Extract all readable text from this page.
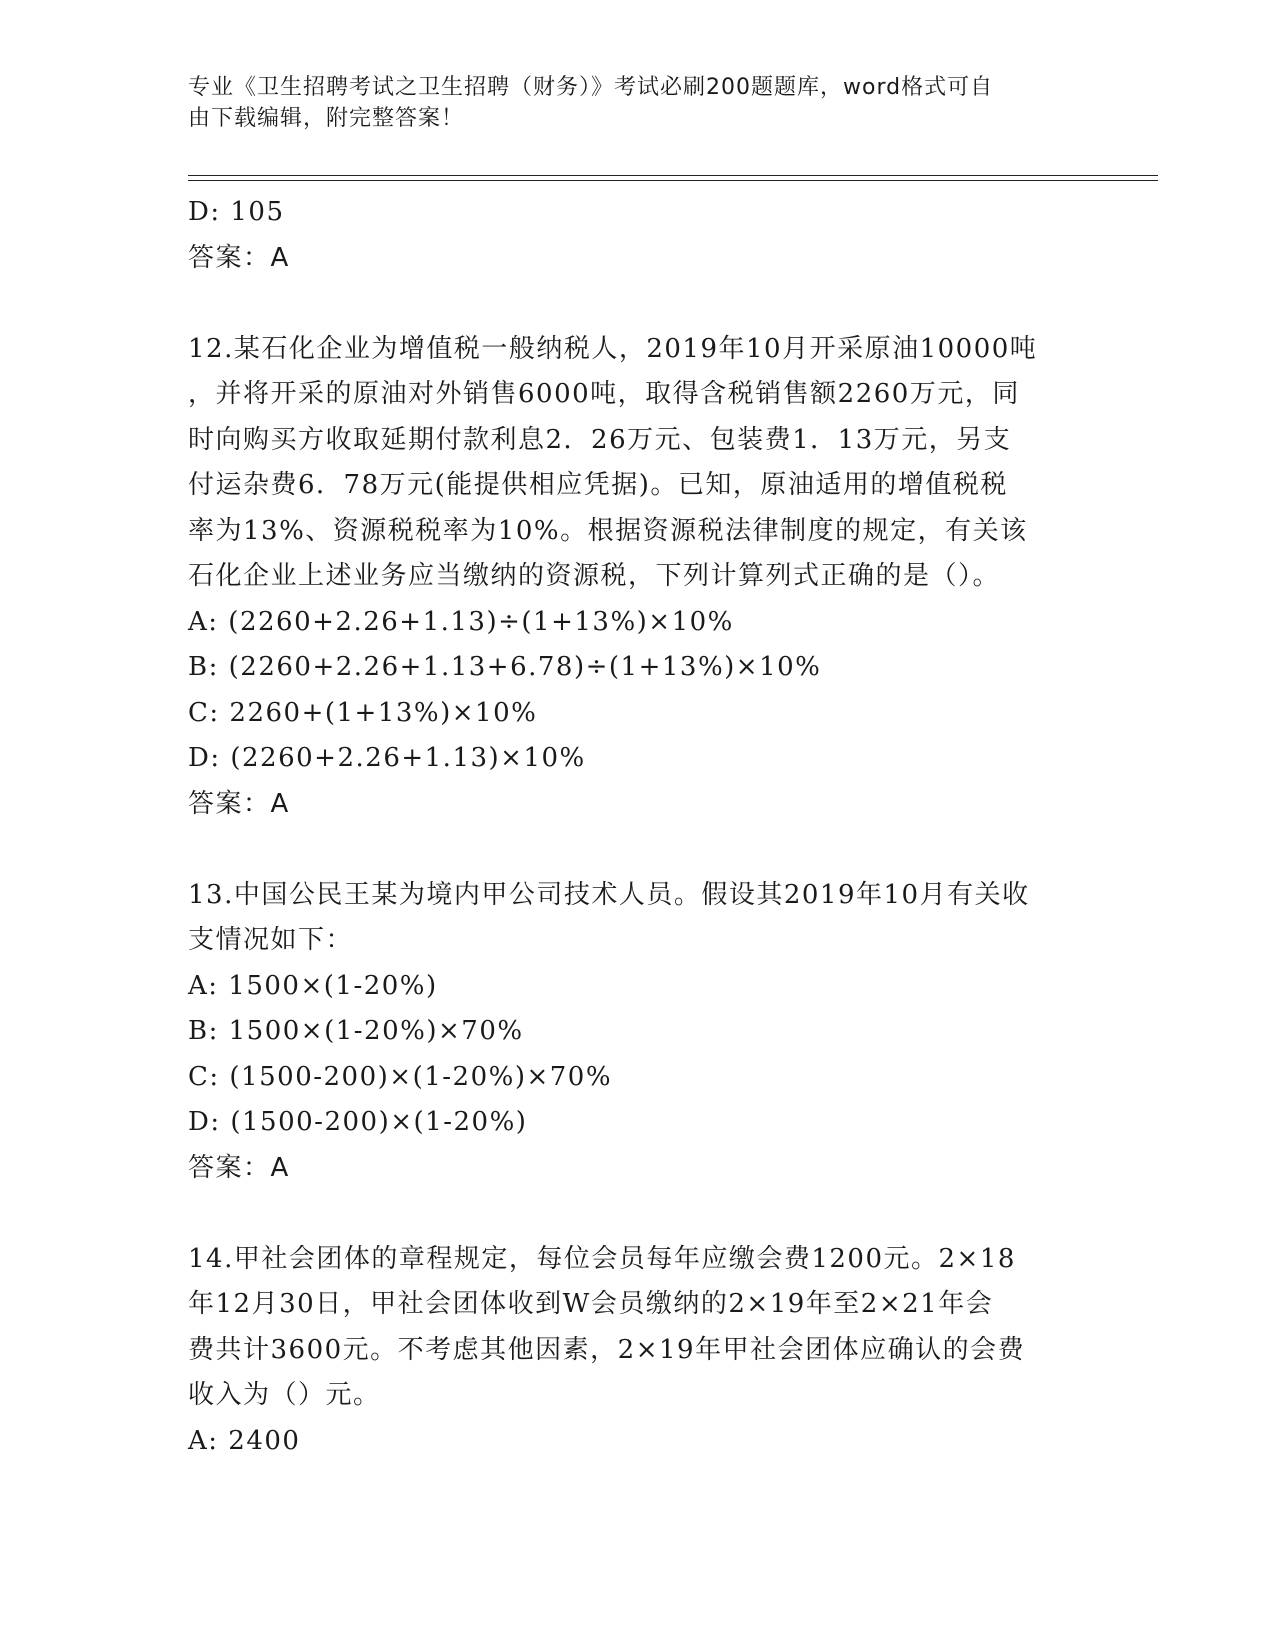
专业《卫生招聘考试之卫生招聘（财务）》考试必刷200题题库，word格式可自
由下载编辑，附完整答案！
D: 105
答案：A
12.某石化企业为增值税一般纳税人，2019年10月开采原油10000吨
，并将开采的原油对外销售6000吨，取得含税销售额2260万元，同
时向购买方收取延期付款利息2．26万元、包装费1．13万元，另支
付运杂费6．78万元(能提供相应凭据)。已知，原油适用的增值税税
率为13%、资源税税率为10%。根据资源税法律制度的规定，有关该
石化企业上述业务应当缴纳的资源税，下列计算列式正确的是（）。
A: (2260+2.26+1.13)÷(1+13%)×10%
B: (2260+2.26+1.13+6.78)÷(1+13%)×10%
C: 2260+(1+13%)×10%
D: (2260+2.26+1.13)×10%
答案：A
13.中国公民王某为境内甲公司技术人员。假设其2019年10月有关收
支情况如下：
A: 1500×(1-20%)
B: 1500×(1-20%)×70%
C: (1500-200)×(1-20%)×70%
D: (1500-200)×(1-20%)
答案：A
14.甲社会团体的章程规定，每位会员每年应缴会费1200元。2×18
年12月30日，甲社会团体收到W会员缴纳的2×19年至2×21年会
费共计3600元。不考虑其他因素，2×19年甲社会团体应确认的会费
收入为（）元。
A: 2400
